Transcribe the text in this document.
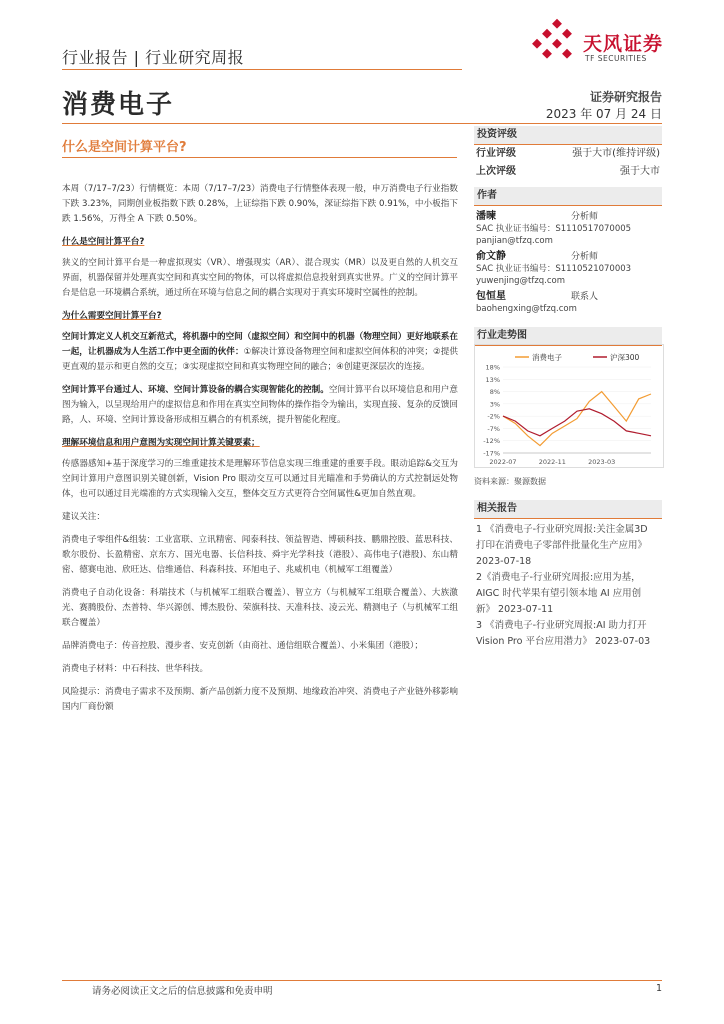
行业报告 | 行业研究周报
天风证券
TF SECURITIES
消费电子	证券研究报告
2023 年 07 月 24 日
什么是空间计算平台?

本周（7/17–7/23）行情概览：本周（7/17–7/23）消费电子行情整体表现一般，申万消费电子行业指数下跌 3.23%，同期创业板指数下跌 0.28%，上证综指下跌 0.90%，深证综指下跌 0.91%，中小板指下跌 1.56%，万得全 A 下跌 0.50%。

什么是空间计算平台?

狭义的空间计算平台是一种虚拟现实（VR）、增强现实（AR）、混合现实（MR）以及更自然的人机交互界面，机器保留并处理真实空间和真实空间的物体，可以将虚拟信息投射到真实世界。广义的空间计算平台是信息一环境耦合系统，通过所在环境与信息之间的耦合实现对于真实环境时空属性的控制。

为什么需要空间计算平台?

空间计算定义人机交互新范式，将机器中的空间（虚拟空间）和空间中的机器（物理空间）更好地联系在一起，让机器成为人生活工作中更全面的伙伴：①解决计算设备物理空间和虚拟空间体积的冲突；②提供更直观的显示和更自然的交互；③实现虚拟空间和真实物理空间的融合；④创建更深层次的连接。

空间计算平台通过人、环境、空间计算设备的耦合实现智能化的控制。空间计算平台以环境信息和用户意图为输入，以呈现给用户的虚拟信息和作用在真实空间物体的操作指令为输出，实现直接、复杂的反馈回路，人、环境、空间计算设备形成相互耦合的有机系统，提升智能化程度。

理解环境信息和用户意图为实现空间计算关键要素；

传感器感知+基于深度学习的三维重建技术是理解环节信息实现三维重建的重要手段。眼动追踪&交互为空间计算用户意图识别关键创新，Vision Pro 眼动交互可以通过目光瞄准和手势确认的方式控制远处物体，也可以通过目光端准的方式实现输入交互，整体交互方式更符合空间属性&更加自然直观。

建议关注：

消费电子零组件&组装：工业富联、立讯精密、闻泰科技、领益智造、博硕科技、鹏鼎控股、蓝思科技、歌尔股份、长盈精密、京东方、国光电器、长信科技、舜宇光学科技（港股）、高伟电子(港股)、东山精密、德赛电池、欣旺达、信维通信、科森科技、环旭电子、兆威机电（机械军工组覆盖）

消费电子自动化设备：科瑞技术（与机械军工组联合覆盖）、智立方（与机械军工组联合覆盖）、大族激光、赛腾股份、杰普特、华兴源创、博杰股份、荣旗科技、天准科技、凌云光、精测电子（与机械军工组联合覆盖）

品牌消费电子：传音控股、漫步者、安克创新（由商社、通信组联合覆盖）、小米集团（港股）；

消费电子材料：中石科技、世华科技。

风险提示：消费电子需求不及预期、新产品创新力度不及预期、地缘政治冲突、消费电子产业链外移影响国内厂商份额

投资评级
行业评级	强于大市(维持评级)
上次评级	强于大市
作者
潘暕	分析师
SAC 执业证书编号：S1110517070005
panjian@tfzq.com
俞文静	分析师
SAC 执业证书编号：S1110521070003
yuwenjing@tfzq.com
包恒星	联系人
baohengxing@tfzq.com
行业走势图
18%
13%
8%
3%
-2%
-7%
-12%
-17%
2022-07	2022-11	2023-03
消费电子	沪深300
资料来源：聚源数据
相关报告
1 《消费电子-行业研究周报:关注金属3D 打印在消费电子零部件批量化生产应用》 2023-07-18
2《消费电子-行业研究周报:应用为基，AIGC 时代苹果有望引领本地 AI 应用创新》 2023-07-11
3 《消费电子-行业研究周报:AI 助力打开 Vision Pro 平台应用潜力》 2023-07-03
请务必阅读正文之后的信息披露和免责申明	1
